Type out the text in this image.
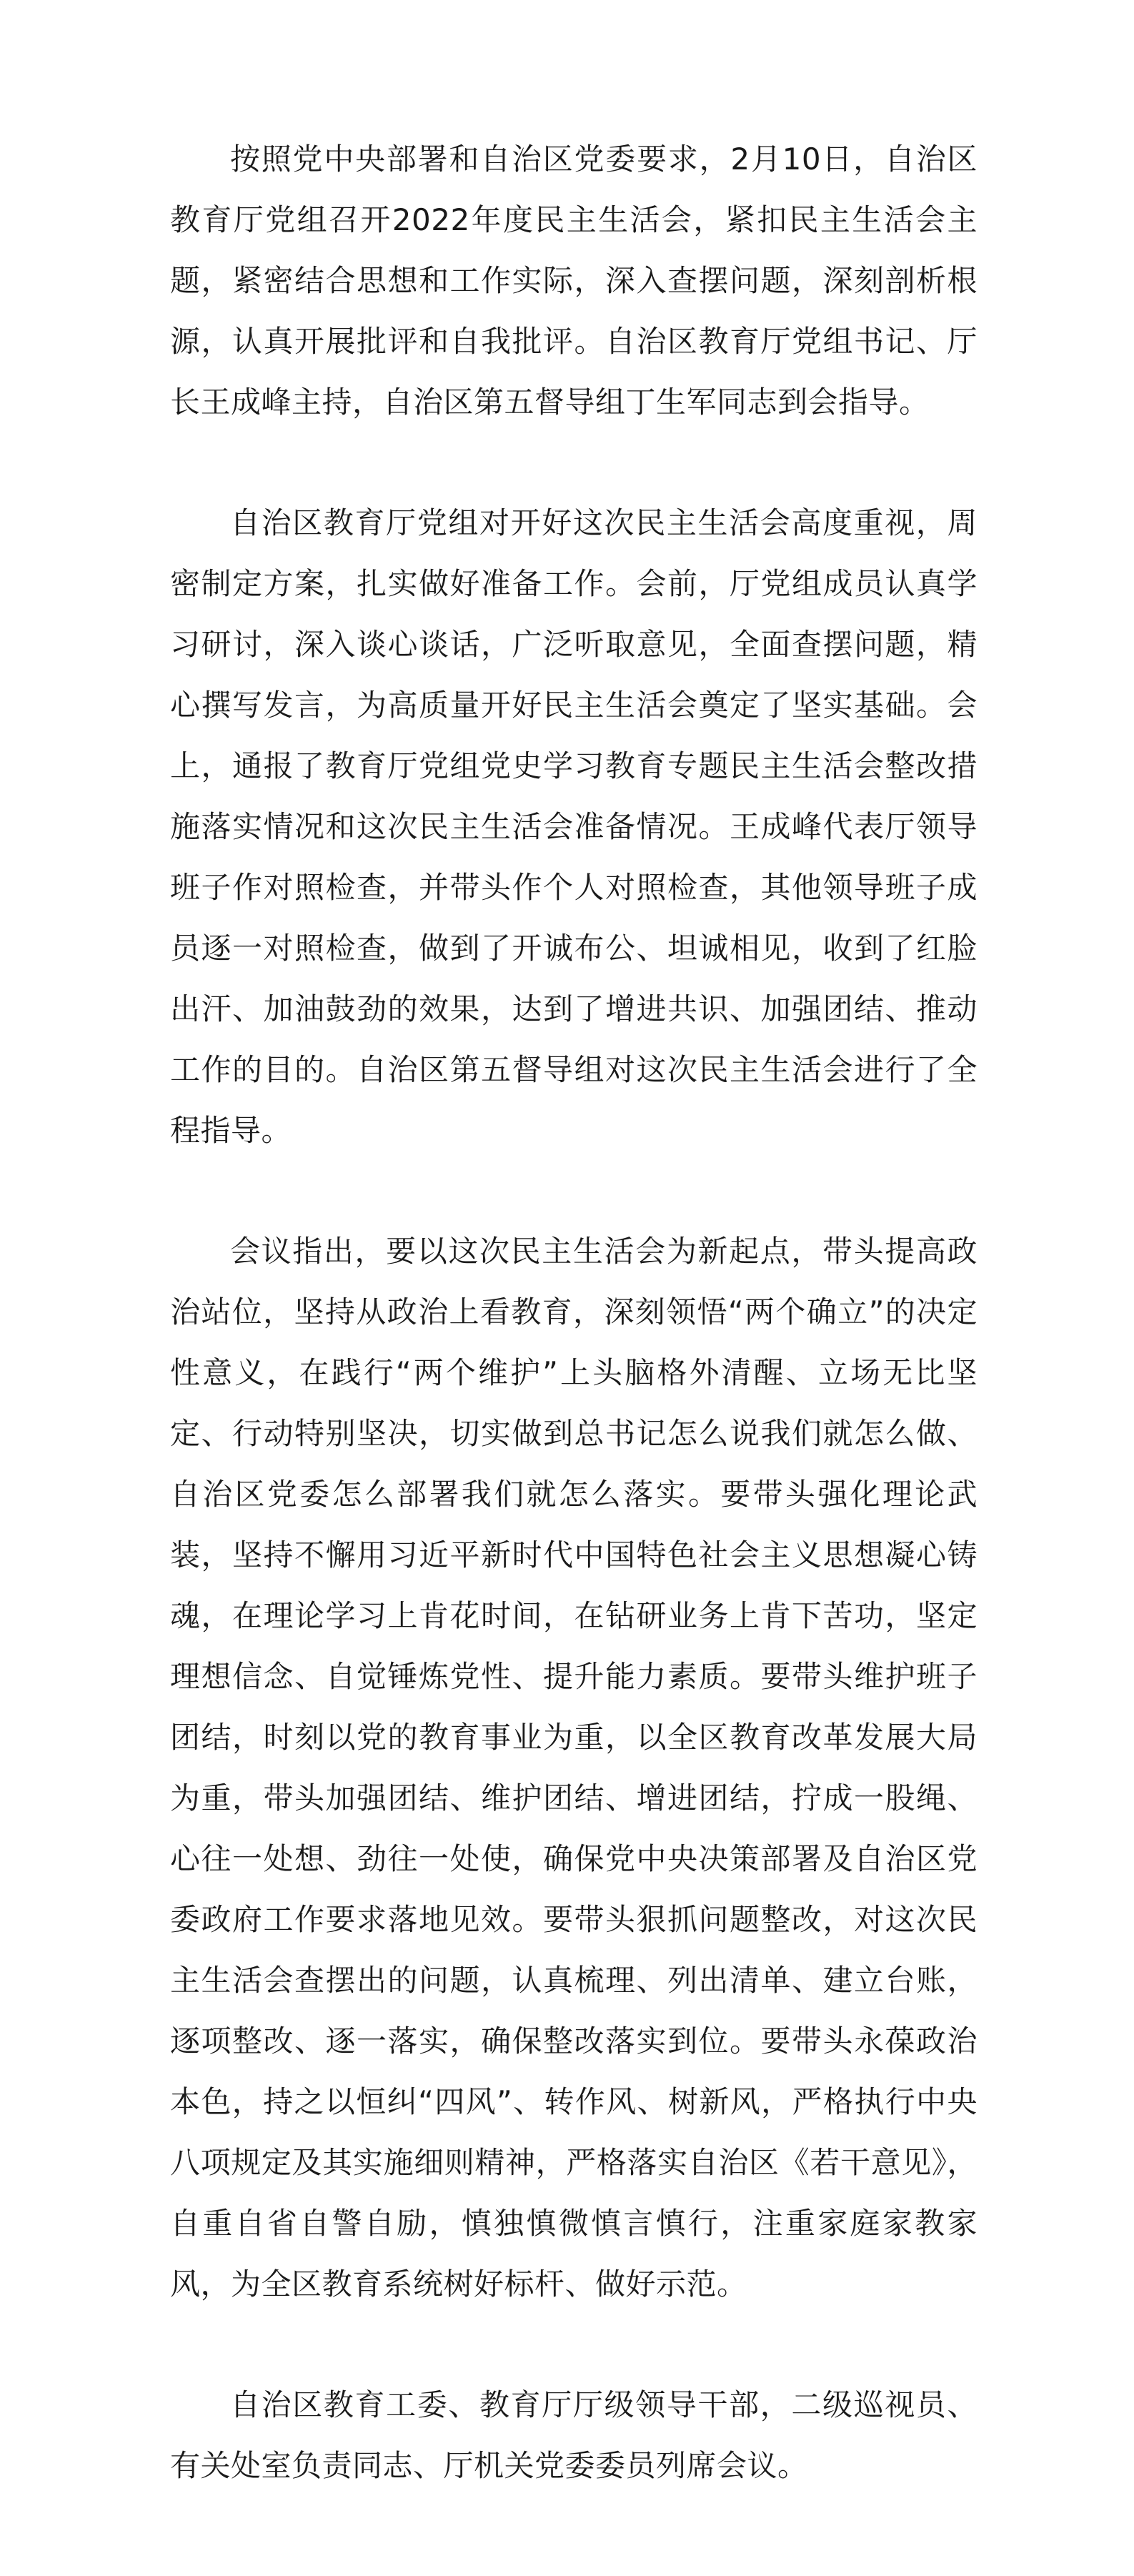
按照党中央部署和自治区党委要求，2月10日，自治区教育厅党组召开2022年度民主生活会，紧扣民主生活会主题，紧密结合思想和工作实际，深入查摆问题，深刻剖析根源，认真开展批评和自我批评。自治区教育厅党组书记、厅长王成峰主持，自治区第五督导组丁生军同志到会指导。

自治区教育厅党组对开好这次民主生活会高度重视，周密制定方案，扎实做好准备工作。会前，厅党组成员认真学习研讨，深入谈心谈话，广泛听取意见，全面查摆问题，精心撰写发言，为高质量开好民主生活会奠定了坚实基础。会上，通报了教育厅党组党史学习教育专题民主生活会整改措施落实情况和这次民主生活会准备情况。王成峰代表厅领导班子作对照检查，并带头作个人对照检查，其他领导班子成员逐一对照检查，做到了开诚布公、坦诚相见，收到了红脸出汗、加油鼓劲的效果，达到了增进共识、加强团结、推动工作的目的。自治区第五督导组对这次民主生活会进行了全程指导。

会议指出，要以这次民主生活会为新起点，带头提高政治站位，坚持从政治上看教育，深刻领悟“两个确立”的决定性意义，在践行“两个维护”上头脑格外清醒、立场无比坚定、行动特别坚决，切实做到总书记怎么说我们就怎么做、自治区党委怎么部署我们就怎么落实。要带头强化理论武装，坚持不懈用习近平新时代中国特色社会主义思想凝心铸魂，在理论学习上肯花时间，在钻研业务上肯下苦功，坚定理想信念、自觉锤炼党性、提升能力素质。要带头维护班子团结，时刻以党的教育事业为重，以全区教育改革发展大局为重，带头加强团结、维护团结、增进团结，拧成一股绳、心往一处想、劲往一处使，确保党中央决策部署及自治区党委政府工作要求落地见效。要带头狠抓问题整改，对这次民主生活会查摆出的问题，认真梳理、列出清单、建立台账，逐项整改、逐一落实，确保整改落实到位。要带头永葆政治本色，持之以恒纠“四风”、转作风、树新风，严格执行中央八项规定及其实施细则精神，严格落实自治区《若干意见》，自重自省自警自励，慎独慎微慎言慎行，注重家庭家教家风，为全区教育系统树好标杆、做好示范。

自治区教育工委、教育厅厅级领导干部，二级巡视员、有关处室负责同志、厅机关党委委员列席会议。
